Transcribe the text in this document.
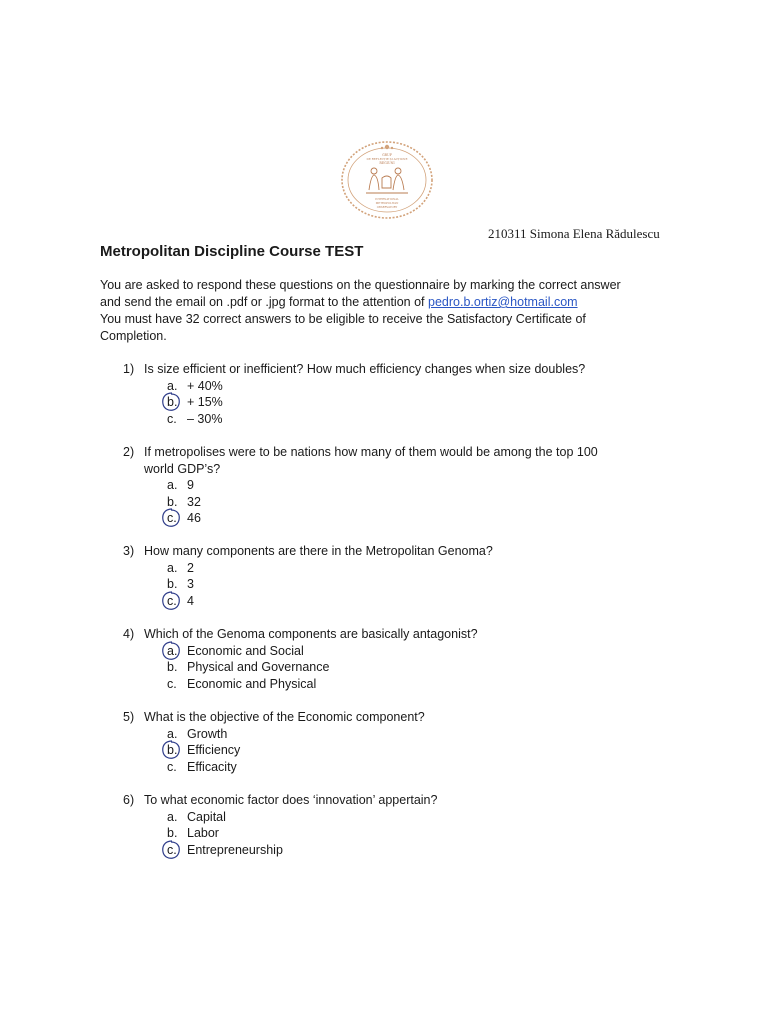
GRUP
DE REFLECȚIE ȘI ACȚIUNE
REGIUNI
INTERNATIONAL
METROPOLITAN
OBSERVATORY
210311 Simona Elena Rădulescu
Metropolitan Discipline Course TEST
You are asked to respond these questions on the questionnaire by marking the correct answer
and send the email on .pdf or .jpg format to the attention of pedro.b.ortiz@hotmail.com
You must have 32 correct answers to be eligible to receive the Satisfactory Certificate of
Completion.
1) Is size efficient or inefficient? How much efficiency changes when size doubles?
a. + 40%
b. + 15%
c. – 30%
2) If metropolises were to be nations how many of them would be among the top 100
world GDP’s?
a. 9
b. 32
c. 46
3) How many components are there in the Metropolitan Genoma?
a. 2
b. 3
c. 4
4) Which of the Genoma components are basically antagonist?
a. Economic and Social
b. Physical and Governance
c. Economic and Physical
5) What is the objective of the Economic component?
a. Growth
b. Efficiency
c. Efficacity
6) To what economic factor does ‘innovation’ appertain?
a. Capital
b. Labor
c. Entrepreneurship
